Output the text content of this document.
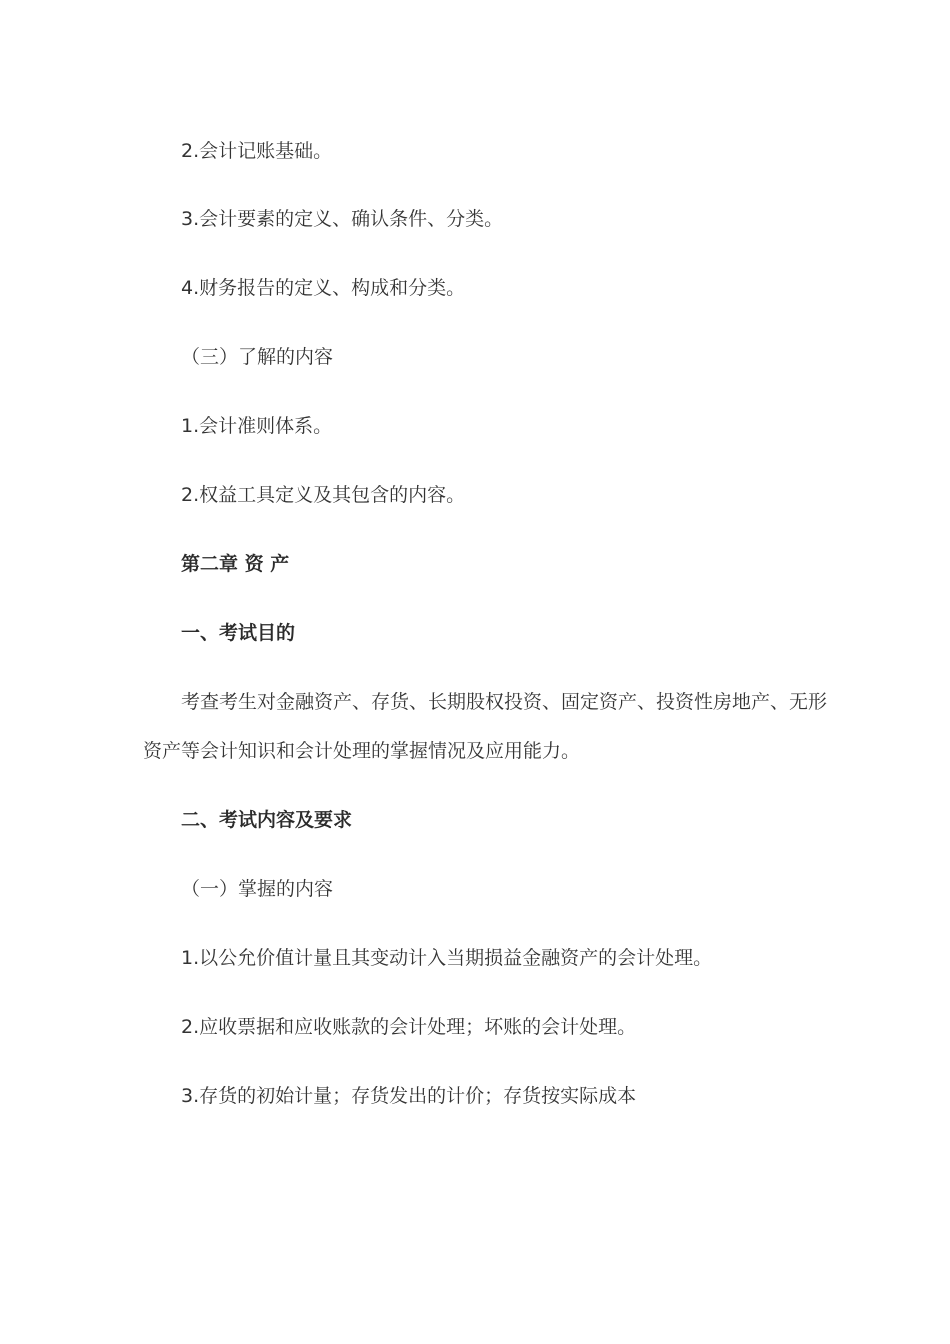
2.会计记账基础。
3.会计要素的定义、确认条件、分类。
4.财务报告的定义、构成和分类。
（三）了解的内容
1.会计准则体系。
2.权益工具定义及其包含的内容。
第二章 资 产
一、考试目的
考查考生对金融资产、存货、长期股权投资、固定资产、投资性房地产、无形
资产等会计知识和会计处理的掌握情况及应用能力。
二、考试内容及要求
（一）掌握的内容
1.以公允价值计量且其变动计入当期损益金融资产的会计处理。
2.应收票据和应收账款的会计处理；坏账的会计处理。
3.存货的初始计量；存货发出的计价；存货按实际成本
